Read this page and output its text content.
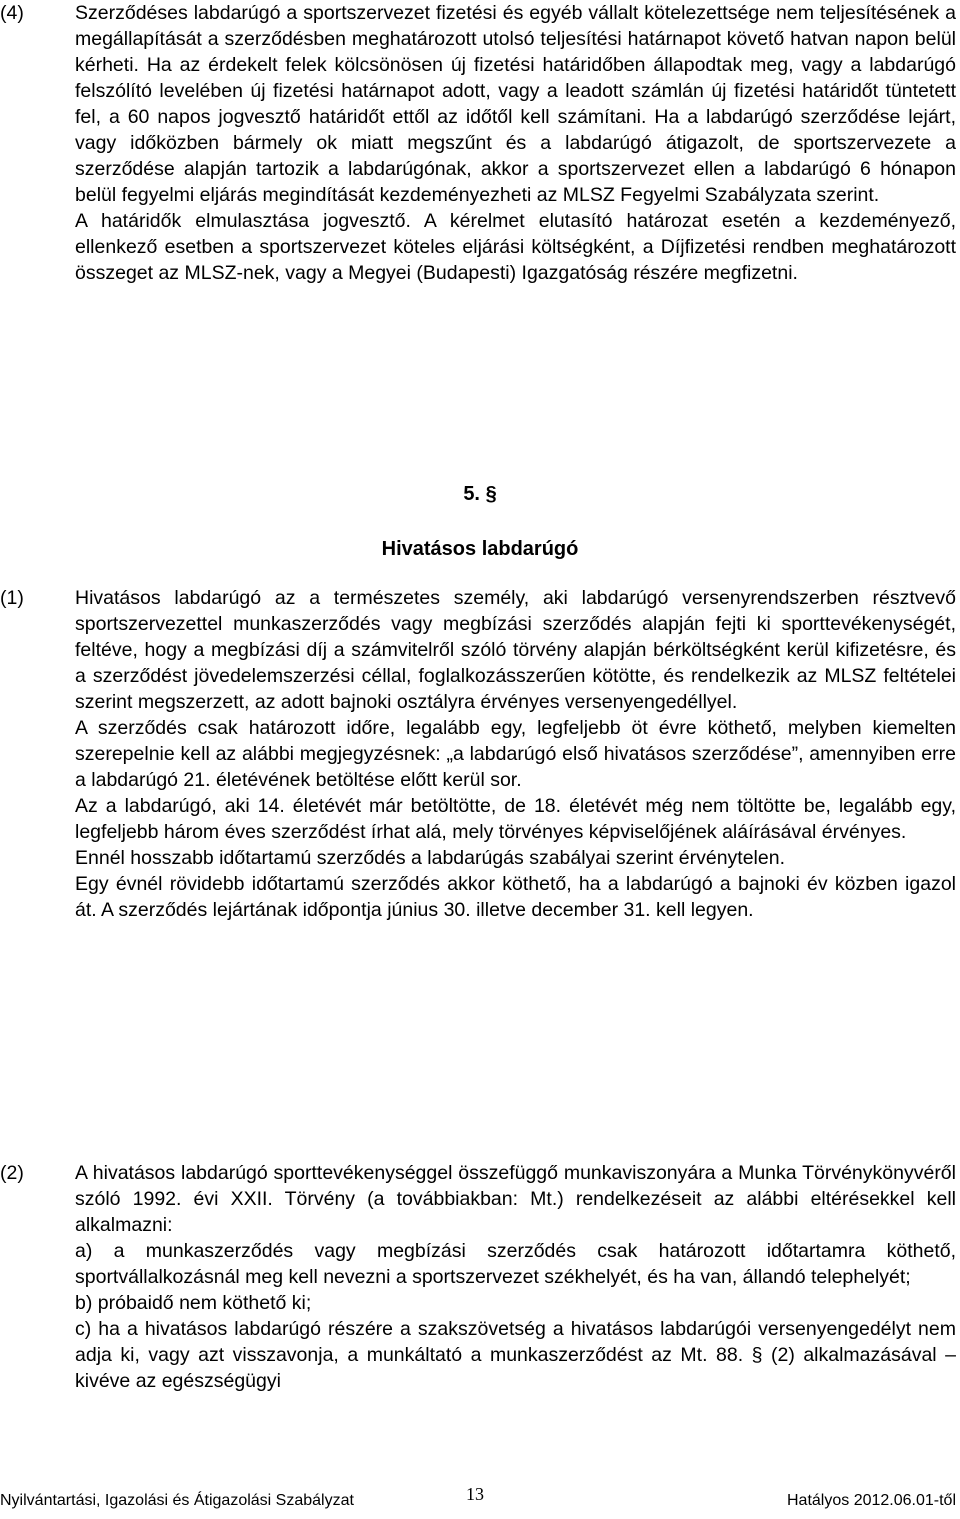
(4)	Szerződéses labdarúgó a sportszervezet fizetési és egyéb vállalt kötelezettsége nem teljesítésének a megállapítását a szerződésben meghatározott utolsó teljesítési határnapot követő hatvan napon belül kérheti. Ha az érdekelt felek kölcsönösen új fizetési határidőben állapodtak meg, vagy a labdarúgó felszólító levelében új fizetési határnapot adott, vagy a leadott számlán új fizetési határidőt tüntetett fel, a 60 napos jogvesztő határidőt ettől az időtől kell számítani. Ha a labdarúgó szerződése lejárt, vagy időközben bármely ok miatt megszűnt és a labdarúgó átigazolt, de sportszervezete a szerződése alapján tartozik a labdarúgónak, akkor a sportszervezet ellen a labdarúgó 6 hónapon belül fegyelmi eljárás megindítását kezdeményezheti az MLSZ Fegyelmi Szabályzata szerint.

A határidők elmulasztása jogvesztő. A kérelmet elutasító határozat esetén a kezdeményező, ellenkező esetben a sportszervezet köteles eljárási költségként, a Díjfizetési rendben meghatározott összeget az MLSZ-nek, vagy a Megyei (Budapesti) Igazgatóság részére megfizetni.

5. §
Hivatásos labdarúgó
(1)	Hivatásos labdarúgó az a természetes személy, aki labdarúgó versenyrendszerben résztvevő sportszervezettel munkaszerződés vagy megbízási szerződés alapján fejti ki sporttevékenységét, feltéve, hogy a megbízási díj a számvitelről szóló törvény alapján bérköltségként kerül kifizetésre, és a szerződést jövedelemszerzési céllal, foglalkozásszerűen kötötte, és rendelkezik az MLSZ feltételei szerint megszerzett, az adott bajnoki osztályra érvényes versenyengedéllyel.

A szerződés csak határozott időre, legalább egy, legfeljebb öt évre köthető, melyben kiemelten szerepelnie kell az alábbi megjegyzésnek: „a labdarúgó első hivatásos szerződése”, amennyiben erre a labdarúgó 21. életévének betöltése előtt kerül sor.

Az a labdarúgó, aki 14. életévét már betöltötte, de 18. életévét még nem töltötte be, legalább egy, legfeljebb három éves szerződést írhat alá, mely törvényes képviselőjének aláírásával érvényes.

Ennél hosszabb időtartamú szerződés a labdarúgás szabályai szerint érvénytelen.

Egy évnél rövidebb időtartamú szerződés akkor köthető, ha a labdarúgó a bajnoki év közben igazol át. A szerződés lejártának időpontja június 30. illetve december 31. kell legyen.

(2)	A hivatásos labdarúgó sporttevékenységgel összefüggő munkaviszonyára a Munka Törvénykönyvéről szóló 1992. évi XXII. Törvény (a továbbiakban: Mt.) rendelkezéseit az alábbi eltérésekkel kell alkalmazni:

a) a munkaszerződés vagy megbízási szerződés csak határozott időtartamra köthető, sportvállalkozásnál meg kell nevezni a sportszervezet székhelyét, és ha van, állandó telephelyét;

b) próbaidő nem köthető ki;

c) ha a hivatásos labdarúgó részére a szakszövetség a hivatásos labdarúgói versenyengedélyt nem adja ki, vagy azt visszavonja, a munkáltató a munkaszerződést az Mt. 88. § (2) alkalmazásával – kivéve az egészségügyi

Nyilvántartási, Igazolási és Átigazolási Szabályzat	13	Hatályos 2012.06.01-től
